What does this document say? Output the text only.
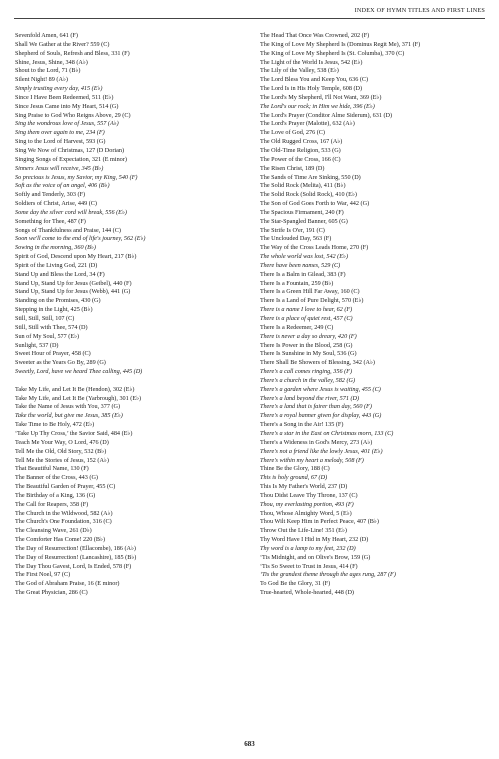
INDEX OF HYMN TITLES AND FIRST LINES
Sevenfold Amen, 641 (F)
Shall We Gather at the River? 559 (C)
Shepherd of Souls, Refresh and Bless, 331 (F)
Shine, Jesus, Shine, 348 (A♭)
Shout to the Lord, 71 (B♭)
Silent Night! 89 (A♭)
Simply trusting every day, 415 (E♭)
Since I Have Been Redeemed, 511 (E♭)
Since Jesus Came into My Heart, 514 (G)
Sing Praise to God Who Reigns Above, 29 (C)
Sing the wondrous love of Jesus, 557 (A♭)
Sing them over again to me, 234 (F)
Sing to the Lord of Harvest, 593 (G)
Sing We Now of Christmas, 127 (D Dorian)
Singing Songs of Expectation, 321 (E minor)
Sinners Jesus will receive, 345 (B♭)
So precious is Jesus, my Savior, my King, 540 (F)
Soft as the voice of an angel, 406 (B♭)
Softly and Tenderly, 303 (F)
Soldiers of Christ, Arise, 449 (C)
Some day the silver cord will break, 556 (E♭)
Something for Thee, 487 (F)
Songs of Thankfulness and Praise, 144 (C)
Soon we'll come to the end of life's journey, 562 (E♭)
Sowing in the morning, 360 (B♭)
Spirit of God, Descend upon My Heart, 217 (B♭)
Spirit of the Living God, 221 (D)
Stand Up and Bless the Lord, 34 (F)
Stand Up, Stand Up for Jesus (Geibel), 440 (F)
Stand Up, Stand Up for Jesus (Webb), 441 (G)
Standing on the Promises, 430 (G)
Stepping in the Light, 425 (B♭)
Still, Still, Still, 107 (C)
Still, Still with Thee, 574 (D)
Sun of My Soul, 577 (E♭)
Sunlight, 537 (D)
Sweet Hour of Prayer, 458 (C)
Sweeter as the Years Go By, 289 (G)
Sweetly, Lord, have we heard Thee calling, 445 (D)
Take My Life, and Let It Be (Hendon), 302 (E♭)
Take My Life, and Let It Be (Yarbrough), 301 (E♭)
Take the Name of Jesus with You, 377 (G)
Take the world, but give me Jesus, 385 (E♭)
Take Time to Be Holy, 472 (E♭)
‘Take Up Thy Cross,’ the Savior Said, 484 (E♭)
Teach Me Your Way, O Lord, 476 (D)
Tell Me the Old, Old Story, 532 (B♭)
Tell Me the Stories of Jesus, 152 (A♭)
That Beautiful Name, 130 (F)
The Banner of the Cross, 443 (G)
The Beautiful Garden of Prayer, 455 (C)
The Birthday of a King, 136 (G)
The Call for Reapers, 358 (F)
The Church in the Wildwood, 582 (A♭)
The Church's One Foundation, 316 (C)
The Cleansing Wave, 261 (D♭)
The Comforter Has Come! 220 (B♭)
The Day of Resurrection! (Ellacombe), 186 (A♭)
The Day of Resurrection! (Lancashire), 185 (B♭)
The Day Thou Gavest, Lord, Is Ended, 578 (F)
The First Noel, 97 (C)
The God of Abraham Praise, 16 (E minor)
The Great Physician, 286 (C)
The Head That Once Was Crowned, 202 (F)
The King of Love My Shepherd Is (Dominus Regit Me), 371 (F)
The King of Love My Shepherd Is (St. Columba), 370 (C)
The Light of the World Is Jesus, 542 (E♭)
The Lily of the Valley, 538 (E♭)
The Lord Bless You and Keep You, 636 (C)
The Lord Is in His Holy Temple, 608 (D)
The Lord's My Shepherd, I'll Not Want, 369 (E♭)
The Lord's our rock; in Him we hide, 396 (E♭)
The Lord's Prayer (Conditor Alme Siderum), 631 (D)
The Lord's Prayer (Malotte), 632 (A♭)
The Love of God, 276 (C)
The Old Rugged Cross, 167 (A♭)
The Old-Time Religion, 533 (G)
The Power of the Cross, 166 (C)
The Risen Christ, 189 (D)
The Sands of Time Are Sinking, 550 (D)
The Solid Rock (Melita), 411 (B♭)
The Solid Rock (Solid Rock), 410 (E♭)
The Son of God Goes Forth to War, 442 (G)
The Spacious Firmament, 240 (F)
The Star-Spangled Banner, 605 (G)
The Strife Is O'er, 191 (C)
The Unclouded Day, 563 (F)
The Way of the Cross Leads Home, 270 (F)
The whole world was lost, 542 (E♭)
There have been names, 529 (C)
There Is a Balm in Gilead, 383 (F)
There Is a Fountain, 259 (B♭)
There Is a Green Hill Far Away, 160 (C)
There Is a Land of Pure Delight, 570 (E♭)
There is a name I love to hear, 62 (F)
There is a place of quiet rest, 457 (C)
There Is a Redeemer, 249 (C)
There is never a day so dreary, 420 (F)
There Is Power in the Blood, 258 (G)
There Is Sunshine in My Soul, 536 (G)
There Shall Be Showers of Blessing, 342 (A♭)
There's a call comes ringing, 356 (F)
There's a church in the valley, 582 (G)
There's a garden where Jesus is waiting, 455 (C)
There's a land beyond the river, 571 (D)
There's a land that is fairer than day, 560 (F)
There's a royal banner given for display, 443 (G)
There's a Song in the Air! 135 (F)
There's a star in the East on Christmas morn, 133 (C)
There's a Wideness in God's Mercy, 273 (A♭)
There's not a friend like the lowly Jesus, 401 (E♭)
There's within my heart a melody, 508 (F)
Thine Be the Glory, 188 (C)
This is holy ground, 67 (D)
This Is My Father's World, 237 (D)
Thou Didst Leave Thy Throne, 137 (C)
Thou, my everlasting portion, 493 (F)
Thou, Whose Almighty Word, 5 (E♭)
Thou Wilt Keep Him in Perfect Peace, 407 (B♭)
Throw Out the Life-Line! 351 (E♭)
Thy Word Have I Hid in My Heart, 232 (D)
Thy word is a lamp to my feet, 232 (D)
‘Tis Midnight, and on Olive's Brow, 159 (G)
‘Tis So Sweet to Trust in Jesus, 414 (F)
‘Tis the grandest theme through the ages rung, 287 (F)
To God Be the Glory, 31 (F)
True-hearted, Whole-hearted, 448 (D)
683
